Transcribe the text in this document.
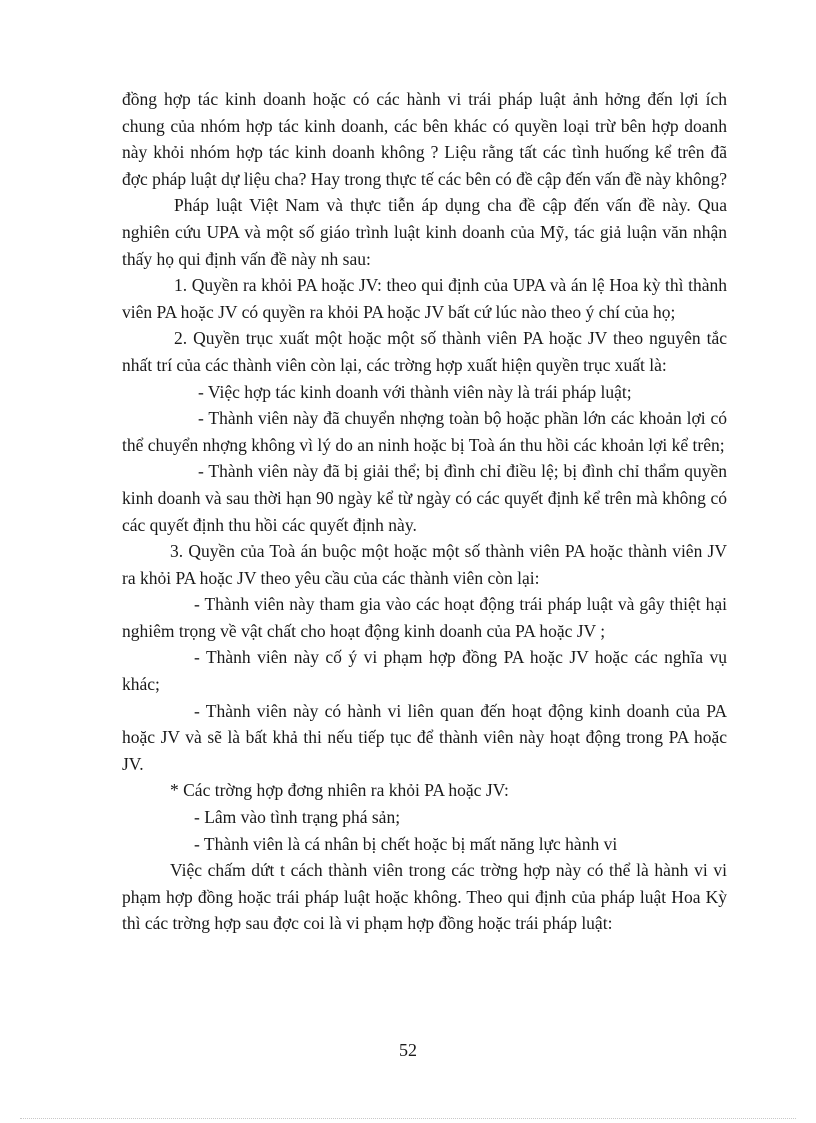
đồng hợp tác kinh doanh hoặc có các hành vi trái pháp luật ảnh hởng đến lợi ích chung của nhóm hợp tác kinh doanh, các bên khác có quyền loại trừ bên hợp doanh này khỏi nhóm hợp tác kinh doanh không ? Liệu rằng tất các tình huống kể trên đã đợc pháp luật dự liệu cha? Hay trong thực tế các bên có đề cập đến vấn đề này không?

Pháp luật Việt Nam và thực tiễn áp dụng cha đề cập đến vấn đề này. Qua nghiên cứu UPA và một số giáo trình luật kinh doanh của Mỹ, tác giả luận văn nhận thấy họ qui định vấn đề này nh sau:

1. Quyền ra khỏi PA hoặc JV: theo qui định của UPA và án lệ Hoa kỳ thì thành viên PA hoặc JV có quyền ra khỏi PA hoặc JV bất cứ lúc nào theo ý chí của họ;

2. Quyền trục xuất một hoặc một số thành viên PA hoặc JV theo nguyên tắc nhất trí của các thành viên còn lại, các trờng hợp xuất hiện quyền trục xuất là:

- Việc hợp tác kinh doanh với thành viên này là trái pháp luật;

- Thành viên này đã chuyển nhợng toàn bộ hoặc phần lớn các khoản lợi có thể chuyển nhợng không vì lý do an ninh hoặc bị Toà án thu hồi các khoản lợi kể trên;

- Thành viên này đã bị giải thể; bị đình chỉ điều lệ; bị đình chỉ thẩm quyền kinh doanh và sau thời hạn 90 ngày kể từ ngày có các quyết định kể trên mà không có các quyết định thu hồi các quyết định này.

3. Quyền của Toà án buộc một hoặc một số thành viên PA hoặc thành viên JV ra khỏi PA hoặc JV theo yêu cầu của các thành viên còn lại:

- Thành viên này tham gia vào các hoạt động trái pháp luật và gây thiệt hại nghiêm trọng về vật chất cho hoạt động kinh doanh của PA hoặc JV ;

- Thành viên này cố ý vi phạm hợp đồng PA hoặc JV hoặc các nghĩa vụ khác;

- Thành viên này có hành vi liên quan đến hoạt động kinh doanh của PA hoặc JV và sẽ là bất khả thi nếu tiếp tục để thành viên này hoạt động trong PA hoặc JV.

* Các trờng hợp đơng nhiên ra khỏi PA hoặc JV:

- Lâm vào tình trạng phá sản;

- Thành viên là cá nhân bị chết hoặc bị mất năng lực hành vi

Việc chấm dứt t cách thành viên trong các trờng hợp này có thể là hành vi vi phạm hợp đồng hoặc trái pháp luật hoặc không. Theo qui định của pháp luật Hoa Kỳ thì các trờng hợp sau đợc coi là vi phạm hợp đồng hoặc trái pháp luật:

52
